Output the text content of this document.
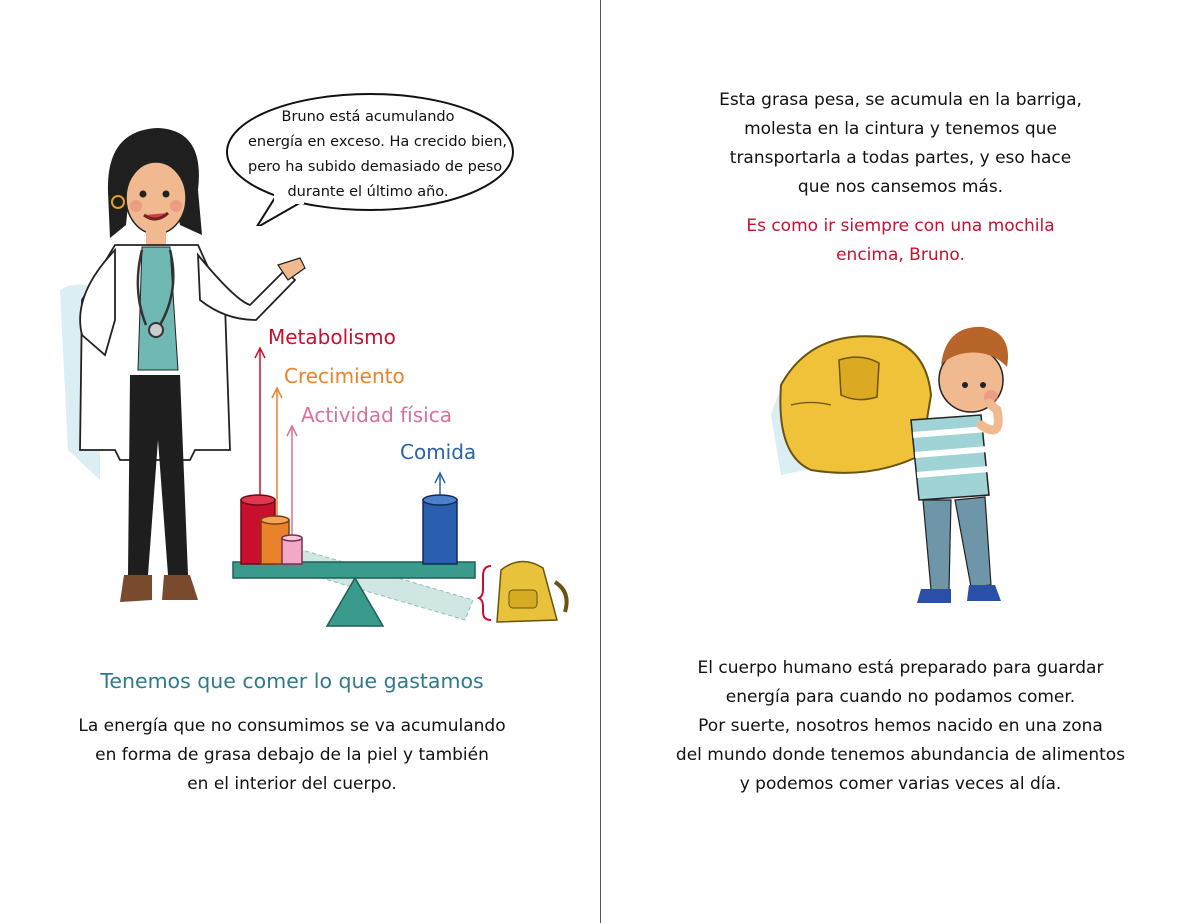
Bruno está acumulando
energía en exceso. Ha crecido bien,
pero ha subido demasiado de peso
durante el último año.
Metabolismo
Crecimiento
Actividad física
Comida
Tenemos que comer lo que gastamos
La energía que no consumimos se va acumulando
en forma de grasa debajo de la piel y también
en el interior del cuerpo.
Esta grasa pesa, se acumula en la barriga,
molesta en la cintura y tenemos que
transportarla a todas partes, y eso hace
que nos cansemos más.
Es como ir siempre con una mochila
encima, Bruno.
El cuerpo humano está preparado para guardar
energía para cuando no podamos comer.
Por suerte, nosotros hemos nacido en una zona
del mundo donde tenemos abundancia de alimentos
y podemos comer varias veces al día.
